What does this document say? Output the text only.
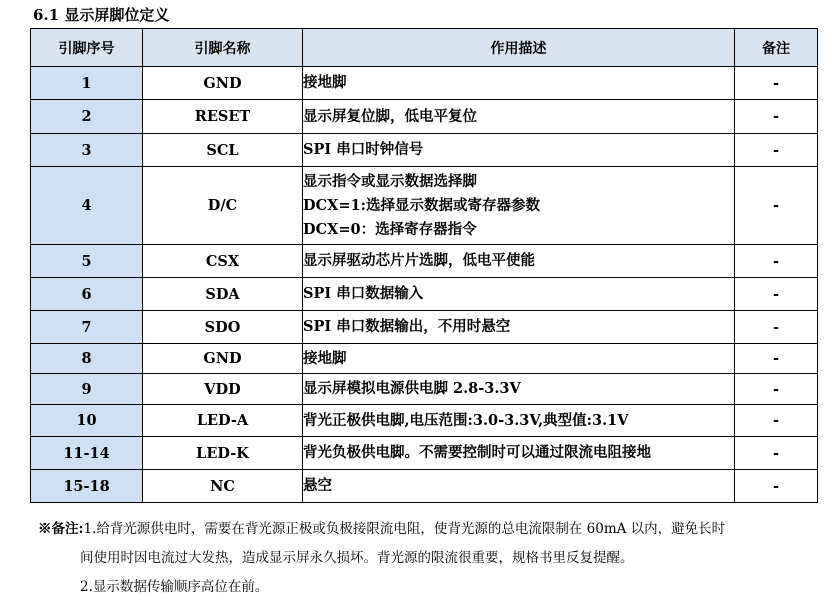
6.1 显示屏脚位定义
引脚序号	引脚名称	作用描述	备注
1	GND	接地脚	-
2	RESET	显示屏复位脚，低电平复位	-
3	SCL	SPI 串口时钟信号	-
4	D/C	显示指令或显示数据选择脚
DCX=1:选择显示数据或寄存器参数
DCX=0：选择寄存器指令	-
5	CSX	显示屏驱动芯片片选脚，低电平使能	-
6	SDA	SPI 串口数据输入	-
7	SDO	SPI 串口数据输出，不用时悬空	-
8	GND	接地脚	-
9	VDD	显示屏模拟电源供电脚 2.8-3.3V	-
10	LED-A	背光正极供电脚,电压范围:3.0-3.3V,典型值:3.1V	-
11-14	LED-K	背光负极供电脚。不需要控制时可以通过限流电阻接地	-
15-18	NC	悬空	-
※备注:1.给背光源供电时，需要在背光源正极或负极接限流电阻，使背光源的总电流限制在 60mA 以内，避免长时
间使用时因电流过大发热，造成显示屏永久损坏。背光源的限流很重要，规格书里反复提醒。
2.显示数据传输顺序高位在前。
